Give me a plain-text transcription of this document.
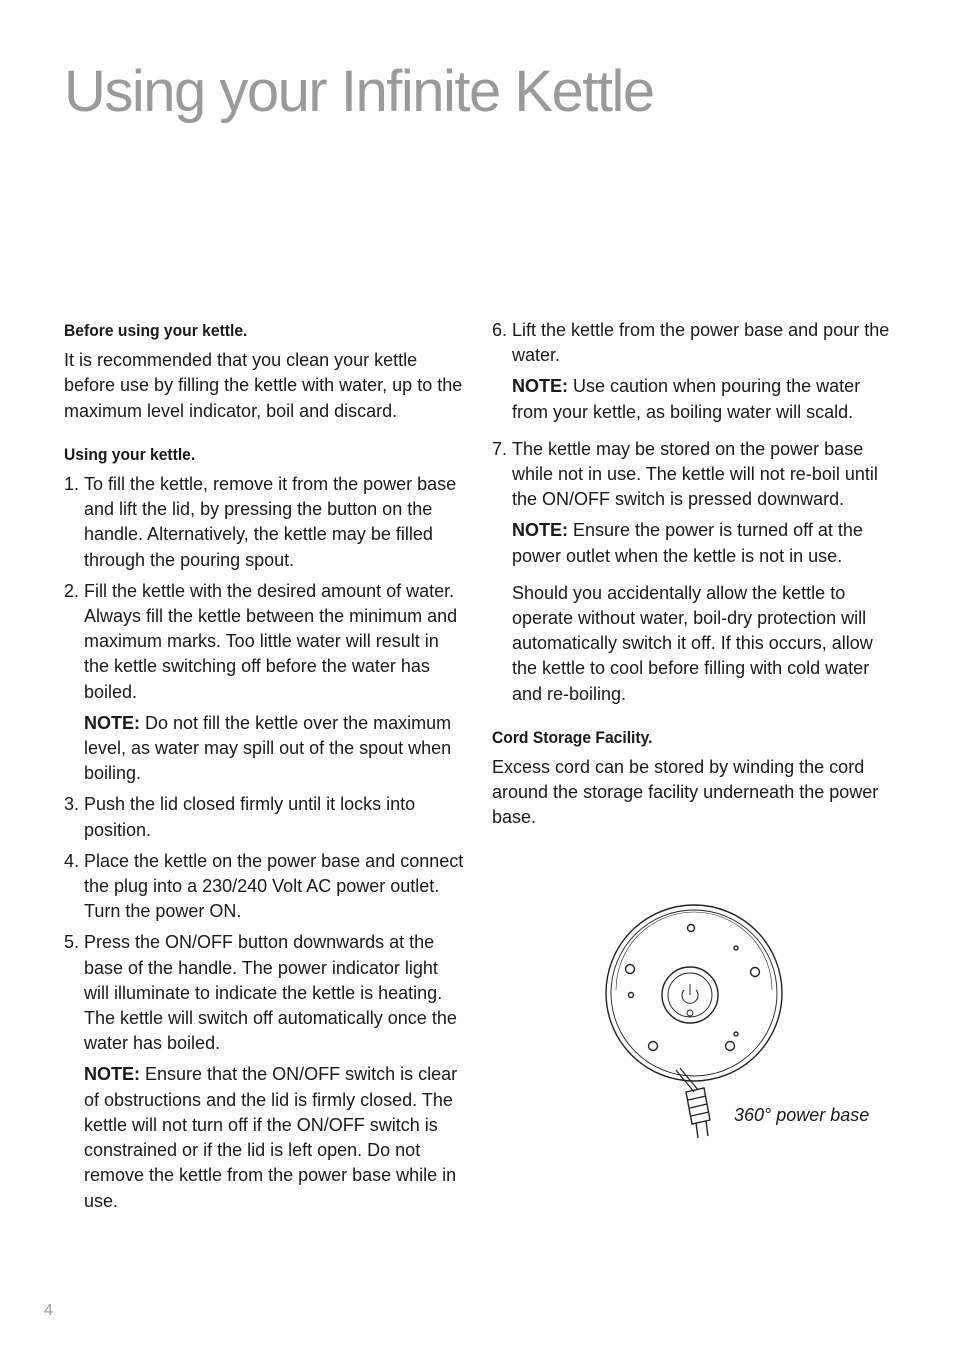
Using your Infinite Kettle

Before using your kettle.

It is recommended that you clean your kettle before use by filling the kettle with water, up to the maximum level indicator, boil and discard.

Using your kettle.

1. To fill the kettle, remove it from the power base and lift the lid, by pressing the button on the handle. Alternatively, the kettle may be filled through the pouring spout.
2. Fill the kettle with the desired amount of water. Always fill the kettle between the minimum and maximum marks. Too little water will result in the kettle switching off before the water has boiled.

NOTE: Do not fill the kettle over the maximum level, as water may spill out of the spout when boiling.

3. Push the lid closed firmly until it locks into position.
4. Place the kettle on the power base and connect the plug into a 230/240 Volt AC power outlet. Turn the power ON.
5. Press the ON/OFF button downwards at the base of the handle. The power indicator light will illuminate to indicate the kettle is heating. The kettle will switch off automatically once the water has boiled.

NOTE: Ensure that the ON/OFF switch is clear of obstructions and the lid is firmly closed. The kettle will not turn off if the ON/OFF switch is constrained or if the lid is left open. Do not remove the kettle from the power base while in use.

6. Lift the kettle from the power base and pour the water.

NOTE: Use caution when pouring the water from your kettle, as boiling water will scald.

7. The kettle may be stored on the power base while not in use. The kettle will not re-boil until the ON/OFF switch is pressed downward.

NOTE: Ensure the power is turned off at the power outlet when the kettle is not in use.

Should you accidentally allow the kettle to operate without water, boil-dry protection will automatically switch it off. If this occurs, allow the kettle to cool before filling with cold water and re-boiling.

Cord Storage Facility.

Excess cord can be stored by winding the cord around the storage facility underneath the power base.

360° power base
4
